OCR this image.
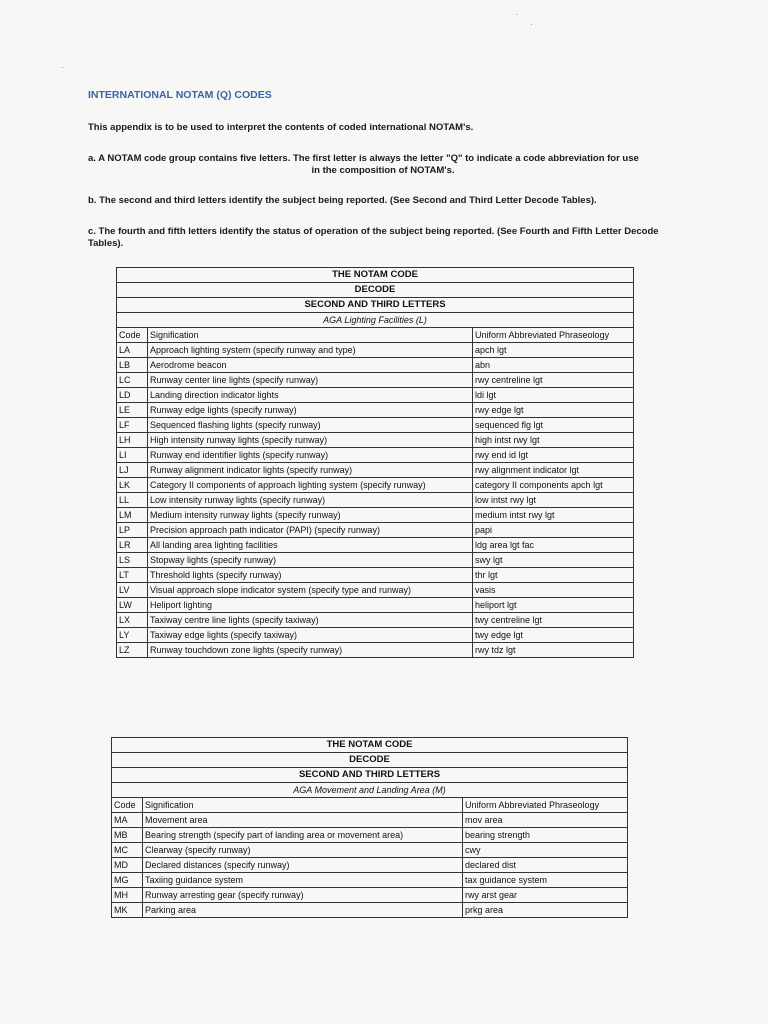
INTERNATIONAL NOTAM (Q) CODES
This appendix is to be used to interpret the contents of coded international NOTAM's.
a. A NOTAM code group contains five letters. The first letter is always the letter "Q" to indicate a code abbreviation for use
in the composition of NOTAM's.
b. The second and third letters identify the subject being reported. (See Second and Third Letter Decode Tables).
c. The fourth and fifth letters identify the status of operation of the subject being reported. (See Fourth and Fifth Letter Decode Tables).
THE NOTAM CODE		
DECODE		
SECOND AND THIRD LETTERS		
AGA Lighting Facilities (L)		
Code	Signification	Uniform Abbreviated Phraseology
LA	Approach lighting system (specify runway and type)	apch lgt
LB	Aerodrome beacon	abn
LC	Runway center line lights (specify runway)	rwy centreline lgt
LD	Landing direction indicator lights	ldi lgt
LE	Runway edge lights (specify runway)	rwy edge lgt
LF	Sequenced flashing lights (specify runway)	sequenced flg lgt
LH	High intensity runway lights (specify runway)	high intst rwy lgt
LI	Runway end identifier lights (specify runway)	rwy end id lgt
LJ	Runway alignment indicator lights (specify runway)	rwy alignment indicator lgt
LK	Category II components of approach lighting system (specify runway)	category II components apch lgt
LL	Low intensity runway lights (specify runway)	low intst rwy lgt
LM	Medium intensity runway lights (specify runway)	medium intst rwy lgt
LP	Precision approach path indicator (PAPI) (specify runway)	papi
LR	All landing area lighting facilities	ldg area lgt fac
LS	Stopway lights (specify runway)	swy lgt
LT	Threshold lights (specify runway)	thr lgt
LV	Visual approach slope indicator system (specify type and runway)	vasis
LW	Heliport lighting	heliport lgt
LX	Taxiway centre line lights (specify taxiway)	twy centreline lgt
LY	Taxiway edge lights (specify taxiway)	twy edge lgt
LZ	Runway touchdown zone lights (specify runway)	rwy tdz lgt
THE NOTAM CODE		
DECODE		
SECOND AND THIRD LETTERS		
AGA Movement and Landing Area (M)		
Code	Signification	Uniform Abbreviated Phraseology
MA	Movement area	mov area
MB	Bearing strength (specify part of landing area or movement area)	bearing strength
MC	Clearway (specify runway)	cwy
MD	Declared distances (specify runway)	declared dist
MG	Taxiing guidance system	tax guidance system
MH	Runway arresting gear (specify runway)	rwy arst gear
MK	Parking area	prkg area
